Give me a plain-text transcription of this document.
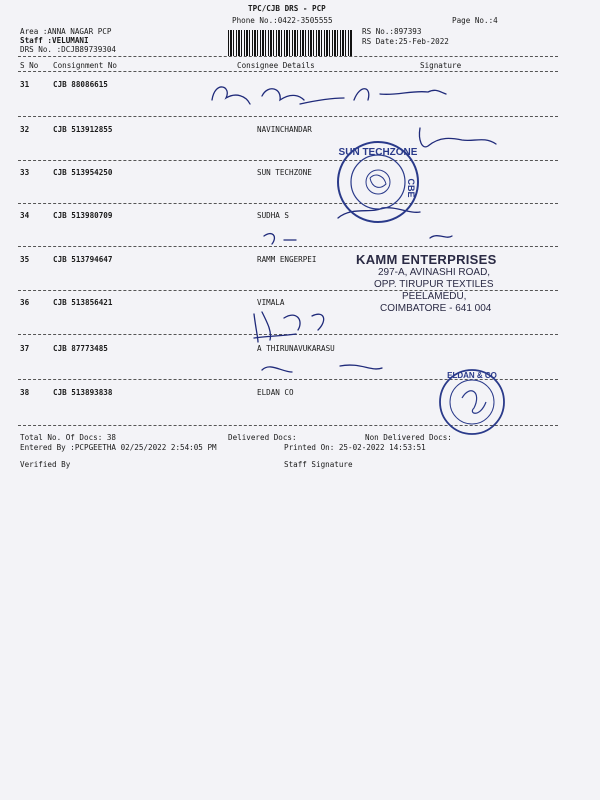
TPC/CJB DRS - PCP
Phone No.:0422-3505555	Page No.:4
Area :ANNA NAGAR PCP
Staff :VELUMANI
DRS No. :DCJB89739304
RS No.:897393
RS Date:25-Feb-2022
S No Consignment No	Consignee Details	Signature
31	CJB 88086615
32	CJB 513912855	NAVINCHANDAR
33	CJB 513954250	SUN TECHZONE
34	CJB 513980709	SUDHA S
35	CJB 513794647	RAMM ENGERPEI
36	CJB 513856421	VIMALA
37	CJB 87773485	A THIRUNAVUKARASU
38	CJB 513893838	ELDAN CO
Total No. Of Docs: 38	Delivered Docs:	Non Delivered Docs:
Entered By :PCPGEETHA 02/25/2022 2:54:05 PM	Printed On: 25-02-2022 14:53:51
Verified By	Staff Signature
SUN TECHZONE
CBE
ELDAN & CO
KAMM ENTERPRISES
297-A, AVINASHI ROAD,
OPP. TIRUPUR TEXTILES
PEELAMEDU,
COIMBATORE - 641 004
